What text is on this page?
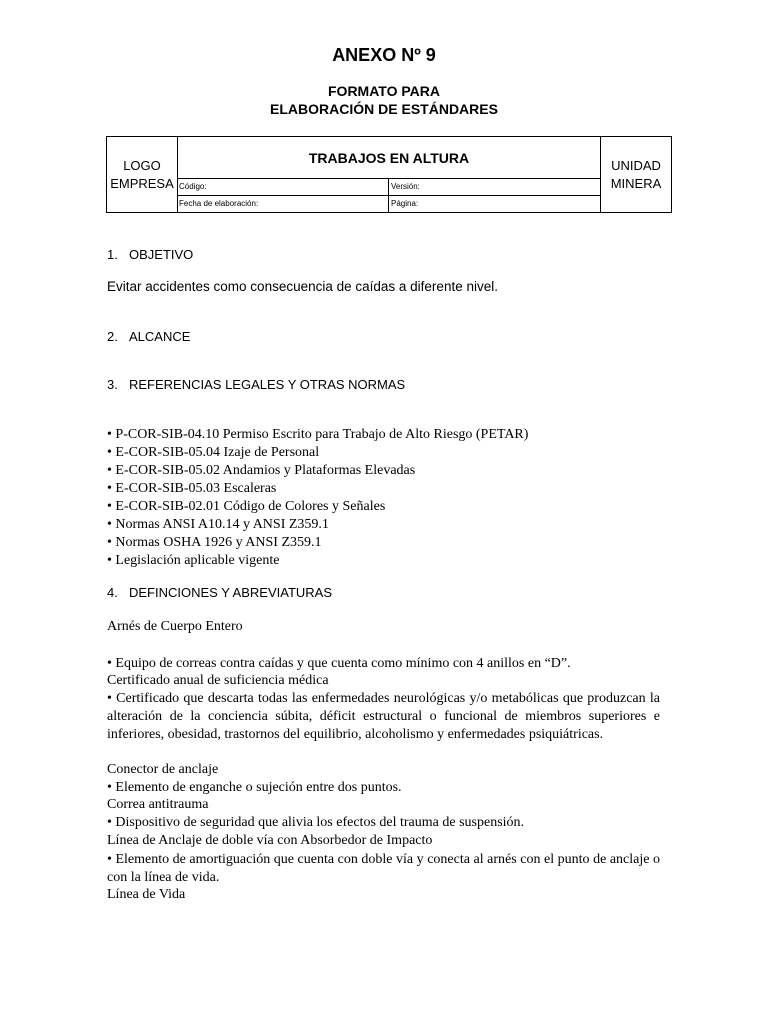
ANEXO Nº 9
FORMATO PARA
ELABORACIÓN DE ESTÁNDARES
LOGO
EMPRESA
TRABAJOS EN ALTURA
Código:	Versión:
Fecha de elaboración:	Página:
UNIDAD
MINERA
1. OBJETIVO
Evitar accidentes como consecuencia de caídas a diferente nivel.
2. ALCANCE
3. REFERENCIAS LEGALES Y OTRAS NORMAS
• P-COR-SIB-04.10 Permiso Escrito para Trabajo de Alto Riesgo (PETAR)
• E-COR-SIB-05.04 Izaje de Personal
• E-COR-SIB-05.02 Andamios y Plataformas Elevadas
• E-COR-SIB-05.03 Escaleras
• E-COR-SIB-02.01 Código de Colores y Señales
• Normas ANSI A10.14 y ANSI Z359.1
• Normas OSHA 1926 y ANSI Z359.1
• Legislación aplicable vigente
4. DEFINCIONES Y ABREVIATURAS
Arnés de Cuerpo Entero
• Equipo de correas contra caídas y que cuenta como mínimo con 4 anillos en “D”.
Certificado anual de suficiencia médica
• Certificado que descarta todas las enfermedades neurológicas y/o metabólicas que produzcan la alteración de la conciencia súbita, déficit estructural o funcional de miembros superiores e inferiores, obesidad, trastornos del equilibrio, alcoholismo y enfermedades psiquiátricas.
Conector de anclaje
• Elemento de enganche o sujeción entre dos puntos.
Correa antitrauma
• Dispositivo de seguridad que alivia los efectos del trauma de suspensión.
Línea de Anclaje de doble vía con Absorbedor de Impacto
• Elemento de amortiguación que cuenta con doble vía y conecta al arnés con el punto de anclaje o con la línea de vida.
Línea de Vida
